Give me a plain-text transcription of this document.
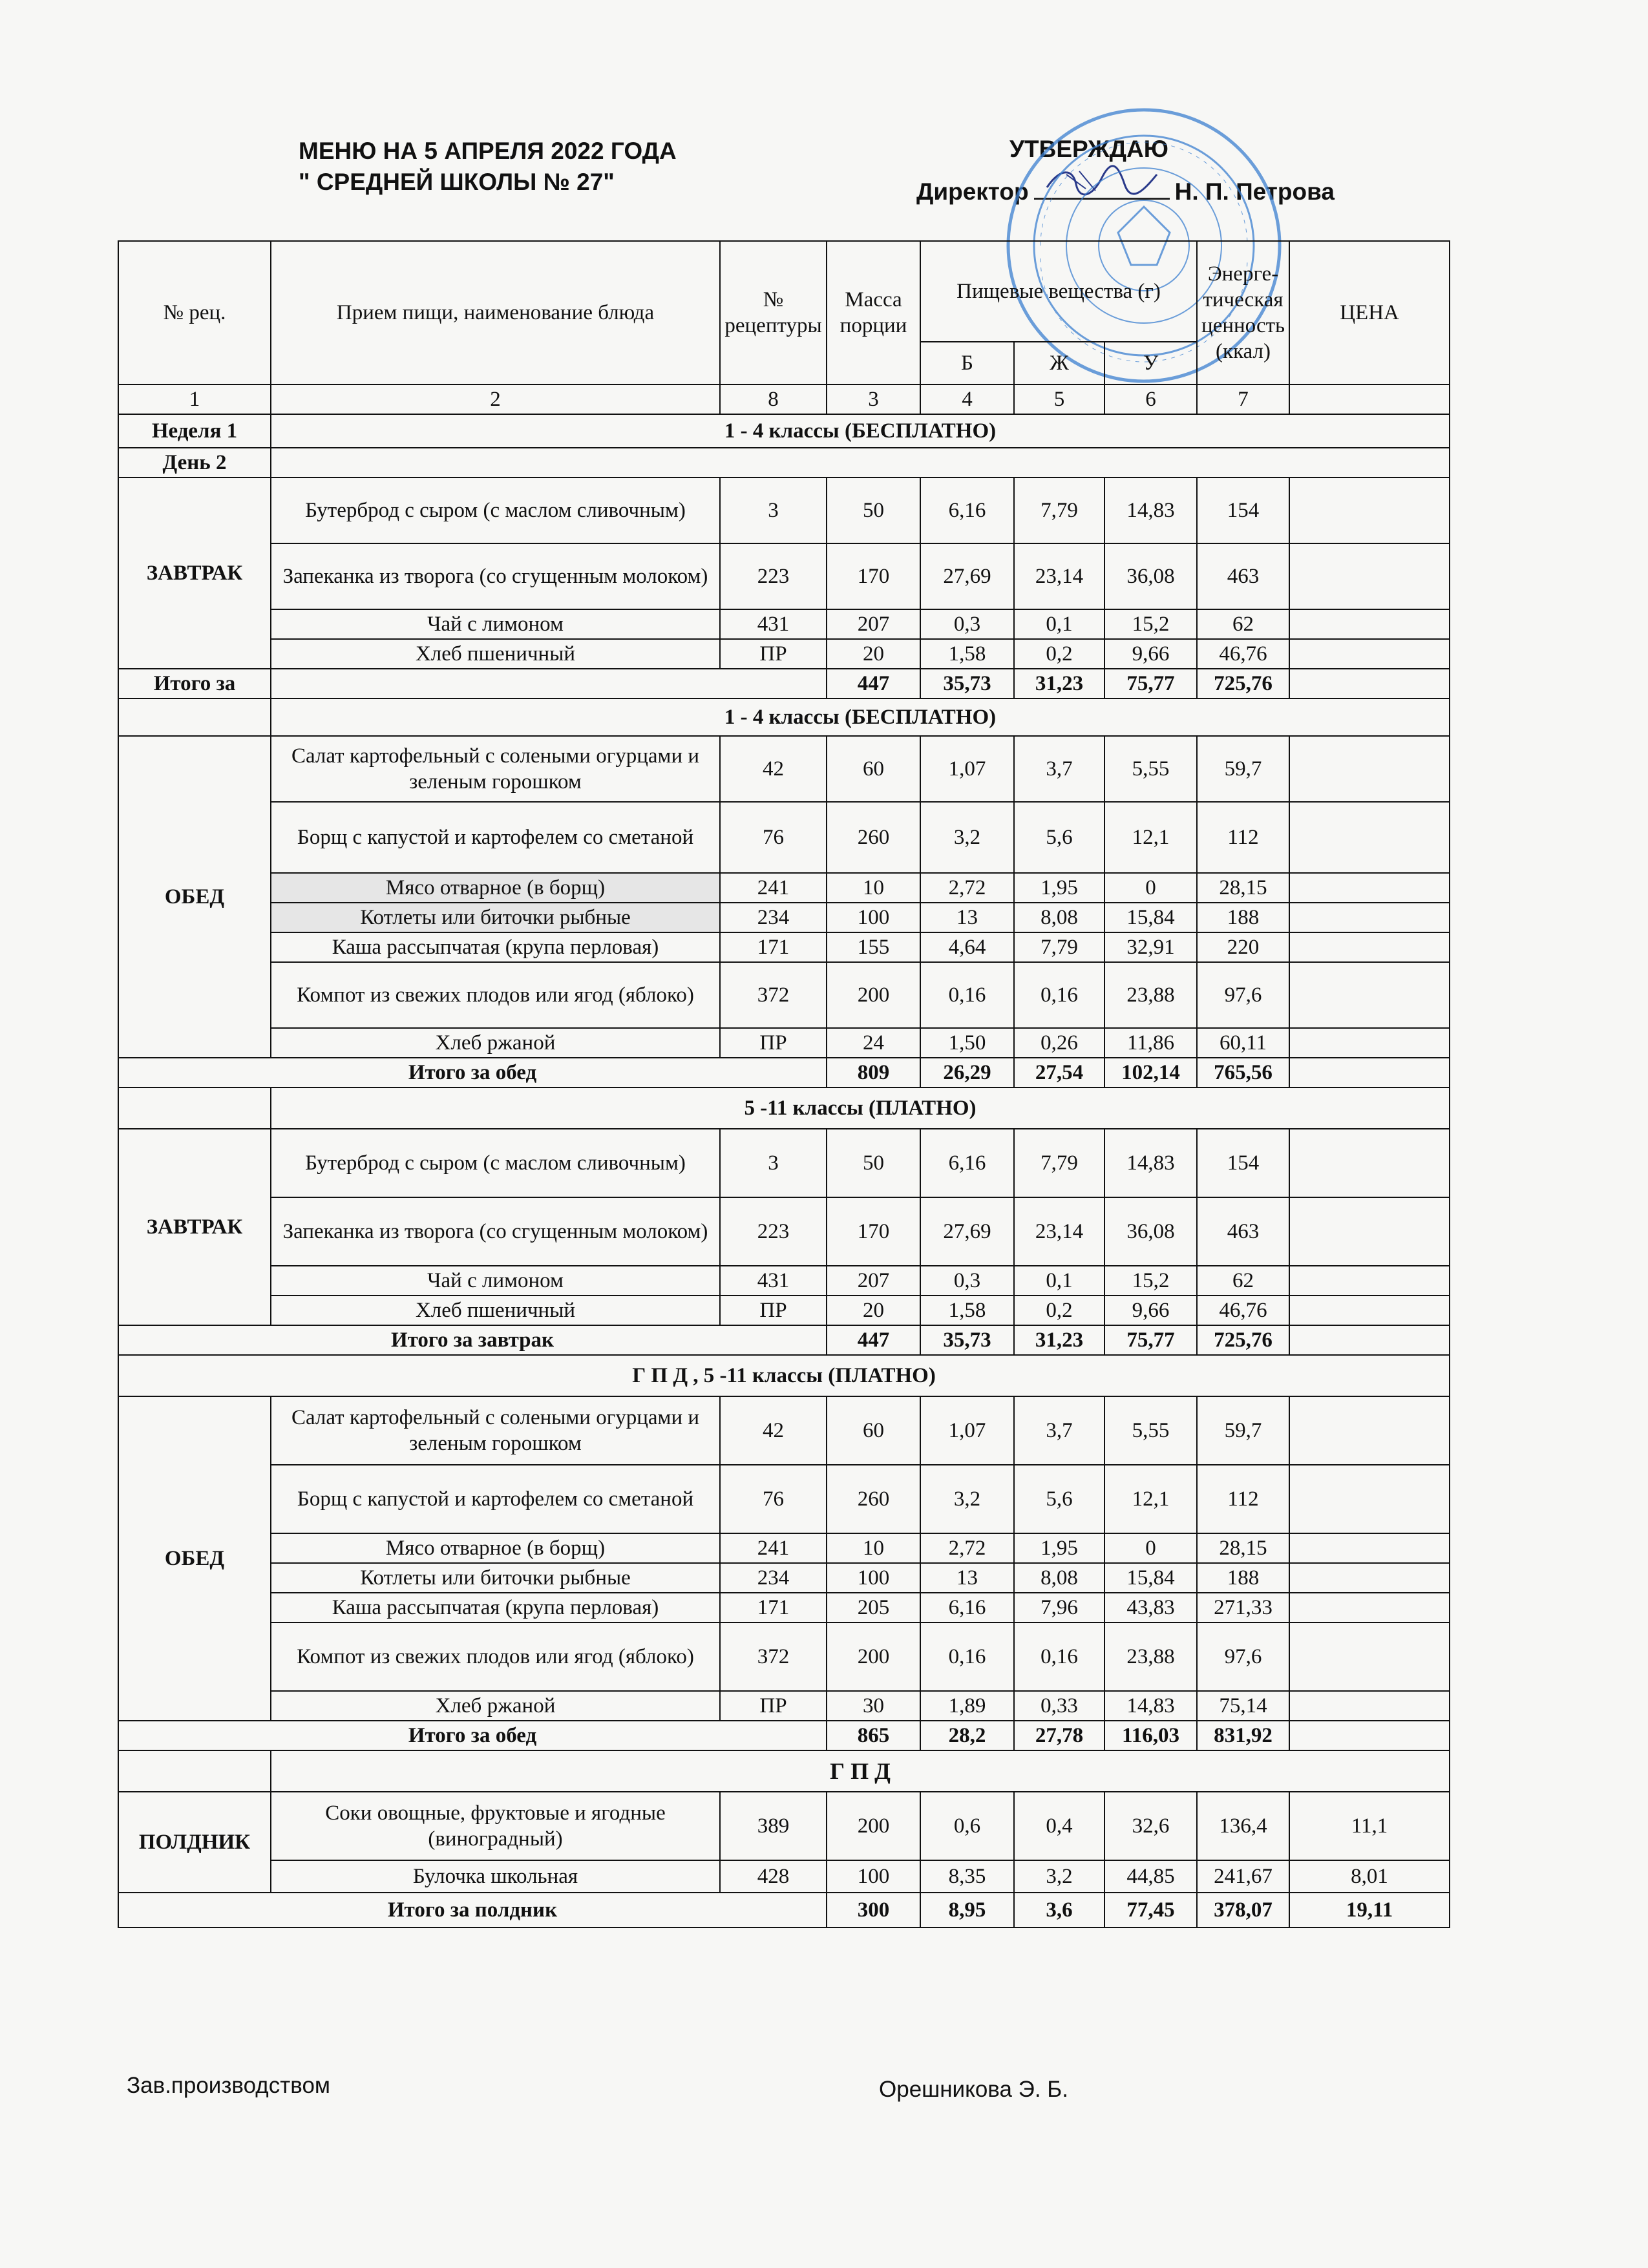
МЕНЮ НА 5 АПРЕЛЯ 2022 ГОДА
" СРЕДНЕЙ ШКОЛЫ № 27"
УТВЕРЖДАЮ
Директор	Н. П. Петрова
№ рец.	Прием пищи, наименование блюда	№ рецептуры	Масса порции	Пищевые вещества (г)			Энерге-тическая ценность (ккал)	ЦЕНА
				Б	Ж	У		
1	2	8	3	4	5	6	7	
Неделя 1	1 - 4 классы (БЕСПЛАТНО)							
День 2								
ЗАВТРАК	Бутерброд с сыром (с маслом сливочным)	3	50	6,16	7,79	14,83	154	
	Запеканка из творога (со сгущенным молоком)	223	170	27,69	23,14	36,08	463	
	Чай с лимоном	431	207	0,3	0,1	15,2	62	
	Хлеб пшеничный	ПР	20	1,58	0,2	9,66	46,76	
Итого за			447	35,73	31,23	75,77	725,76	
	1 - 4 классы (БЕСПЛАТНО)							
ОБЕД	Салат картофельный с солеными огурцами и зеленым горошком	42	60	1,07	3,7	5,55	59,7	
	Борщ с капустой и картофелем со сметаной	76	260	3,2	5,6	12,1	112	
	Мясо отварное (в борщ)	241	10	2,72	1,95	0	28,15	
	Котлеты или биточки рыбные	234	100	13	8,08	15,84	188	
	Каша рассыпчатая (крупа перловая)	171	155	4,64	7,79	32,91	220	
	Компот из свежих плодов или ягод (яблоко)	372	200	0,16	0,16	23,88	97,6	
	Хлеб ржаной	ПР	24	1,50	0,26	11,86	60,11	
Итого за обед			809	26,29	27,54	102,14	765,56	
	5 -11 классы (ПЛАТНО)							
ЗАВТРАК	Бутерброд с сыром (с маслом сливочным)	3	50	6,16	7,79	14,83	154	
	Запеканка из творога (со сгущенным молоком)	223	170	27,69	23,14	36,08	463	
	Чай с лимоном	431	207	0,3	0,1	15,2	62	
	Хлеб пшеничный	ПР	20	1,58	0,2	9,66	46,76	
Итого за завтрак			447	35,73	31,23	75,77	725,76	
Г П Д , 5 -11 классы (ПЛАТНО)								
ОБЕД	Салат картофельный с солеными огурцами и зеленым горошком	42	60	1,07	3,7	5,55	59,7	
	Борщ с капустой и картофелем со сметаной	76	260	3,2	5,6	12,1	112	
	Мясо отварное (в борщ)	241	10	2,72	1,95	0	28,15	
	Котлеты или биточки рыбные	234	100	13	8,08	15,84	188	
	Каша рассыпчатая (крупа перловая)	171	205	6,16	7,96	43,83	271,33	
	Компот из свежих плодов или ягод (яблоко)	372	200	0,16	0,16	23,88	97,6	
	Хлеб ржаной	ПР	30	1,89	0,33	14,83	75,14	
Итого за обед			865	28,2	27,78	116,03	831,92	
	Г П Д							
ПОЛДНИК	Соки овощные, фруктовые и ягодные (виноградный)	389	200	0,6	0,4	32,6	136,4	11,1
	Булочка школьная	428	100	8,35	3,2	44,85	241,67	8,01
Итого за полдник			300	8,95	3,6	77,45	378,07	19,11
Зав.производством	Орешникова Э. Б.
